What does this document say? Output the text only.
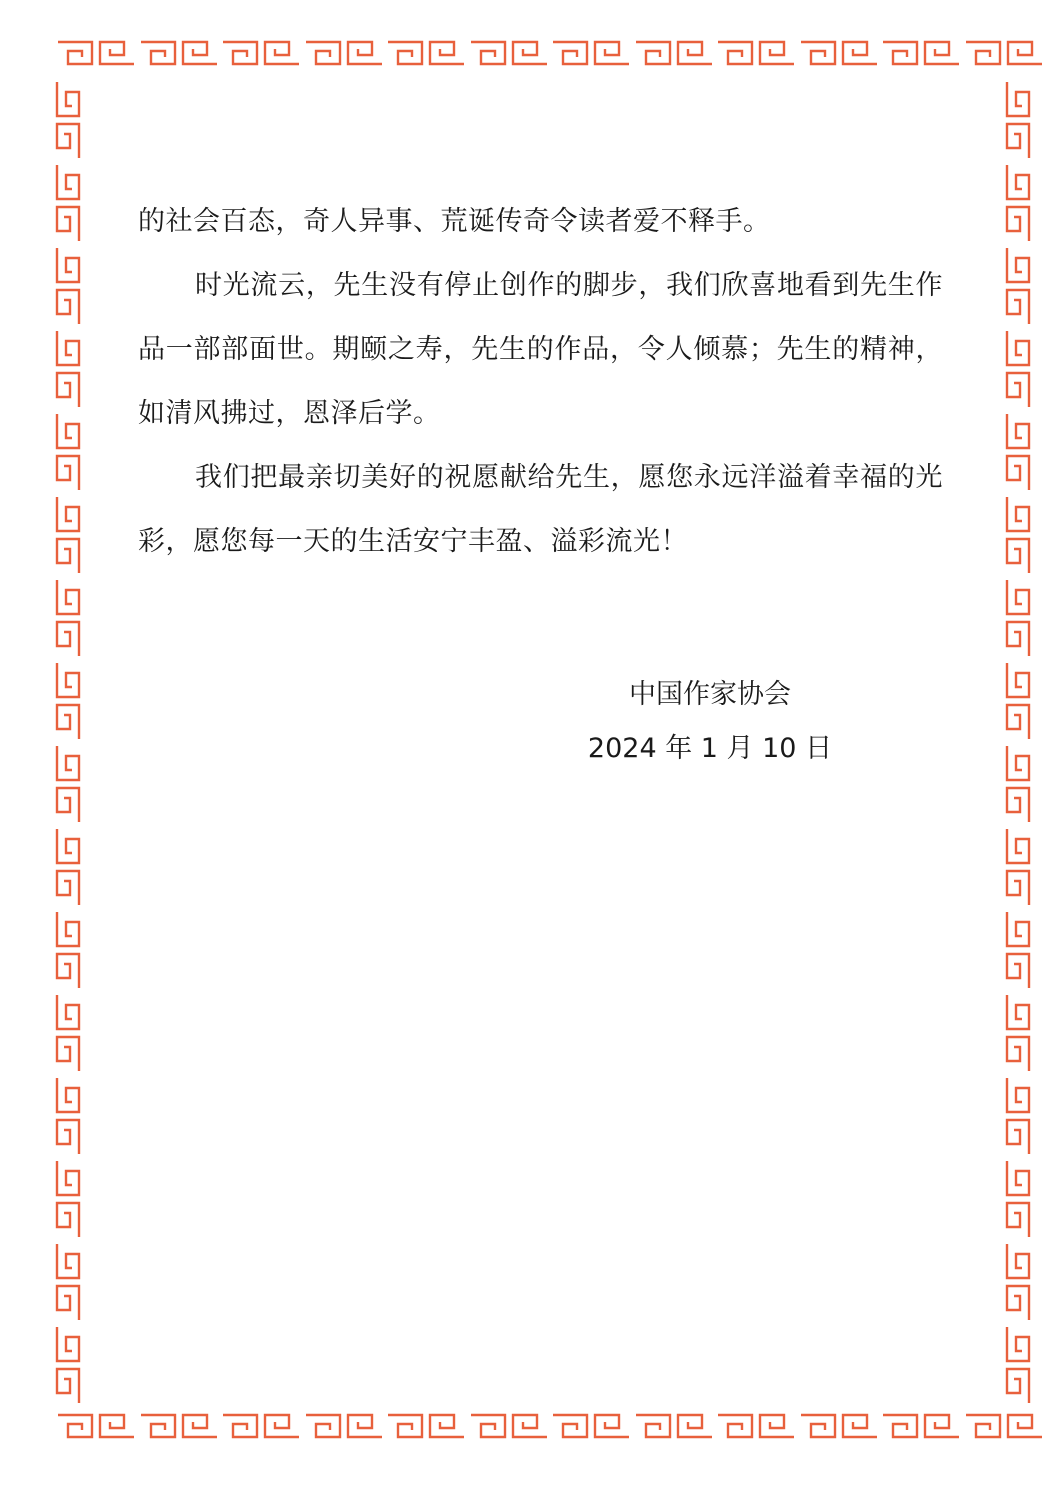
的社会百态，奇人异事、荒诞传奇令读者爱不释手。

时光流云，先生没有停止创作的脚步，我们欣喜地看到先生作品一部部面世。期颐之寿，先生的作品，令人倾慕；先生的精神，如清风拂过，恩泽后学。

我们把最亲切美好的祝愿献给先生，愿您永远洋溢着幸福的光彩，愿您每一天的生活安宁丰盈、溢彩流光！

中国作家协会
2024 年 1 月 10 日
